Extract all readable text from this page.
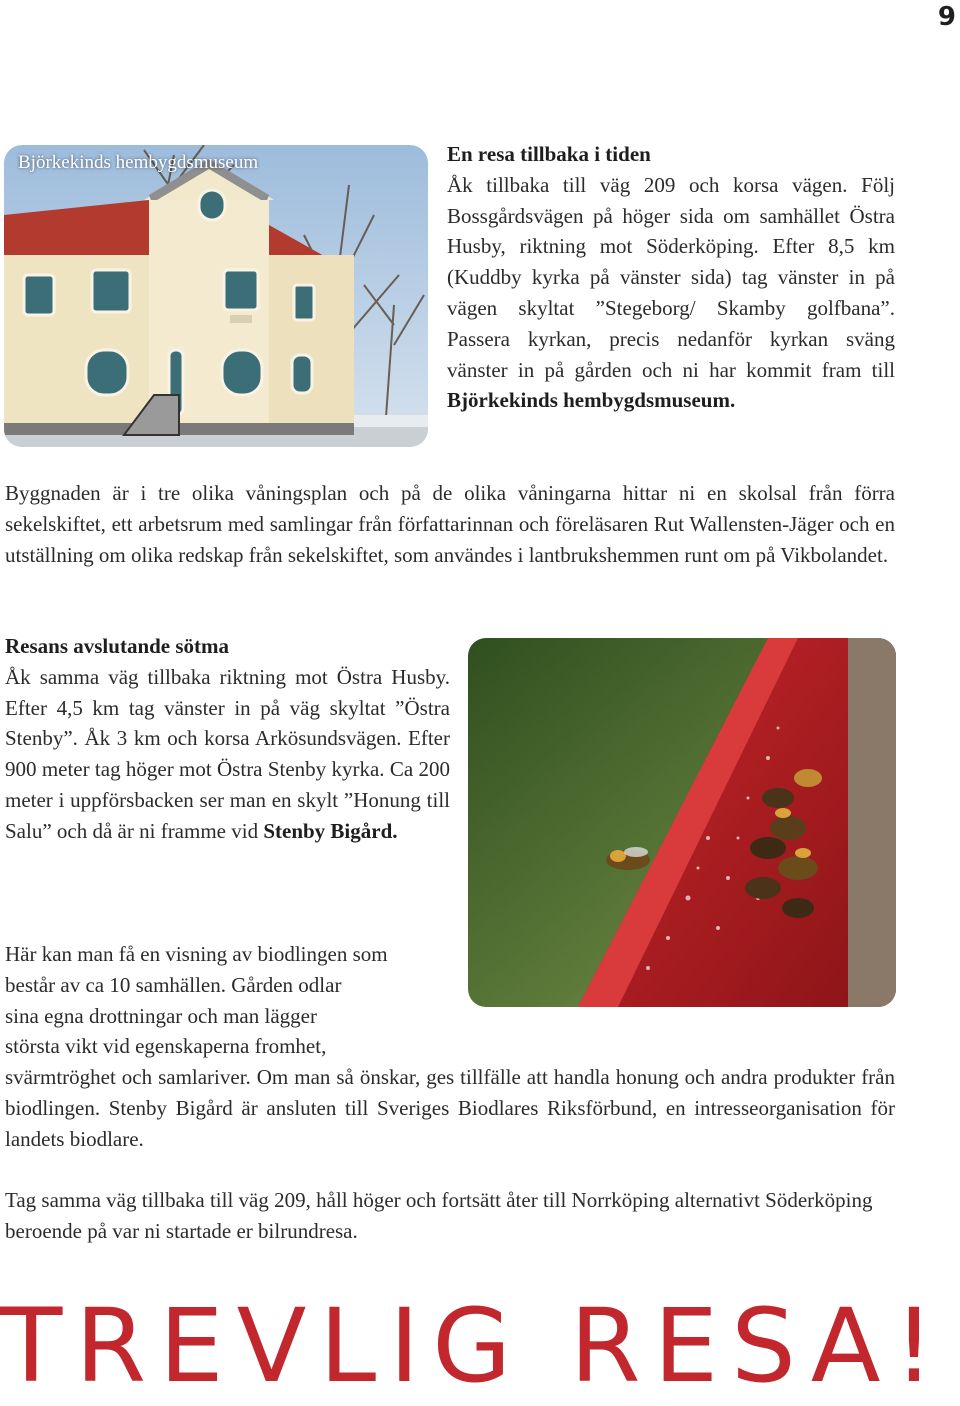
9
Björkekinds hembygdsmuseum	En resa tillbaka i tiden
Åk tillbaka till väg 209 och korsa vägen. Följ Bossgårdsvägen på höger sida om samhället Östra Husby, riktning mot Söderköping. Efter 8,5 km (Kuddby kyrka på vänster sida) tag vänster in på vägen skyltat ”Stegeborg/ Skamby golfbana”. Passera kyrkan, precis nedanför kyrkan sväng vänster in på gården och ni har kommit fram till Björkekinds hembygdsmuseum.

Byggnaden är i tre olika våningsplan och på de olika våningarna hittar ni en skolsal från förra sekelskiftet, ett arbetsrum med samlingar från författarinnan och föreläsaren Rut Wallensten-Jäger och en utställning om olika redskap från sekelskiftet, som användes i lantbrukshemmen runt om på Vikbolandet.

Resans avslutande sötma
Åk samma väg tillbaka riktning mot Östra Husby. Efter 4,5 km tag vänster in på väg skyltat ”Östra Stenby”. Åk 3 km och korsa Arkösundsvägen. Efter 900 meter tag höger mot Östra Stenby kyrka. Ca 200 meter i uppförsbacken ser man en skylt ”Honung till Salu” och då är ni framme vid Stenby Bigård.
Här kan man få en visning av biodlingen som
består av ca 10 samhällen. Gården odlar
sina egna drottningar och man lägger
största vikt vid egenskaperna fromhet,
svärmtröghet och samlariver. Om man så önskar, ges tillfälle att handla honung och andra produkter från biodlingen. Stenby Bigård är ansluten till Sveriges Biodlares Riksförbund, en intresseorganisation för landets biodlare.

Tag samma väg tillbaka till väg 209, håll höger och fortsätt åter till Norrköping alternativt Söderköping beroende på var ni startade er bilrundresa.

TREVLIG RESA!
